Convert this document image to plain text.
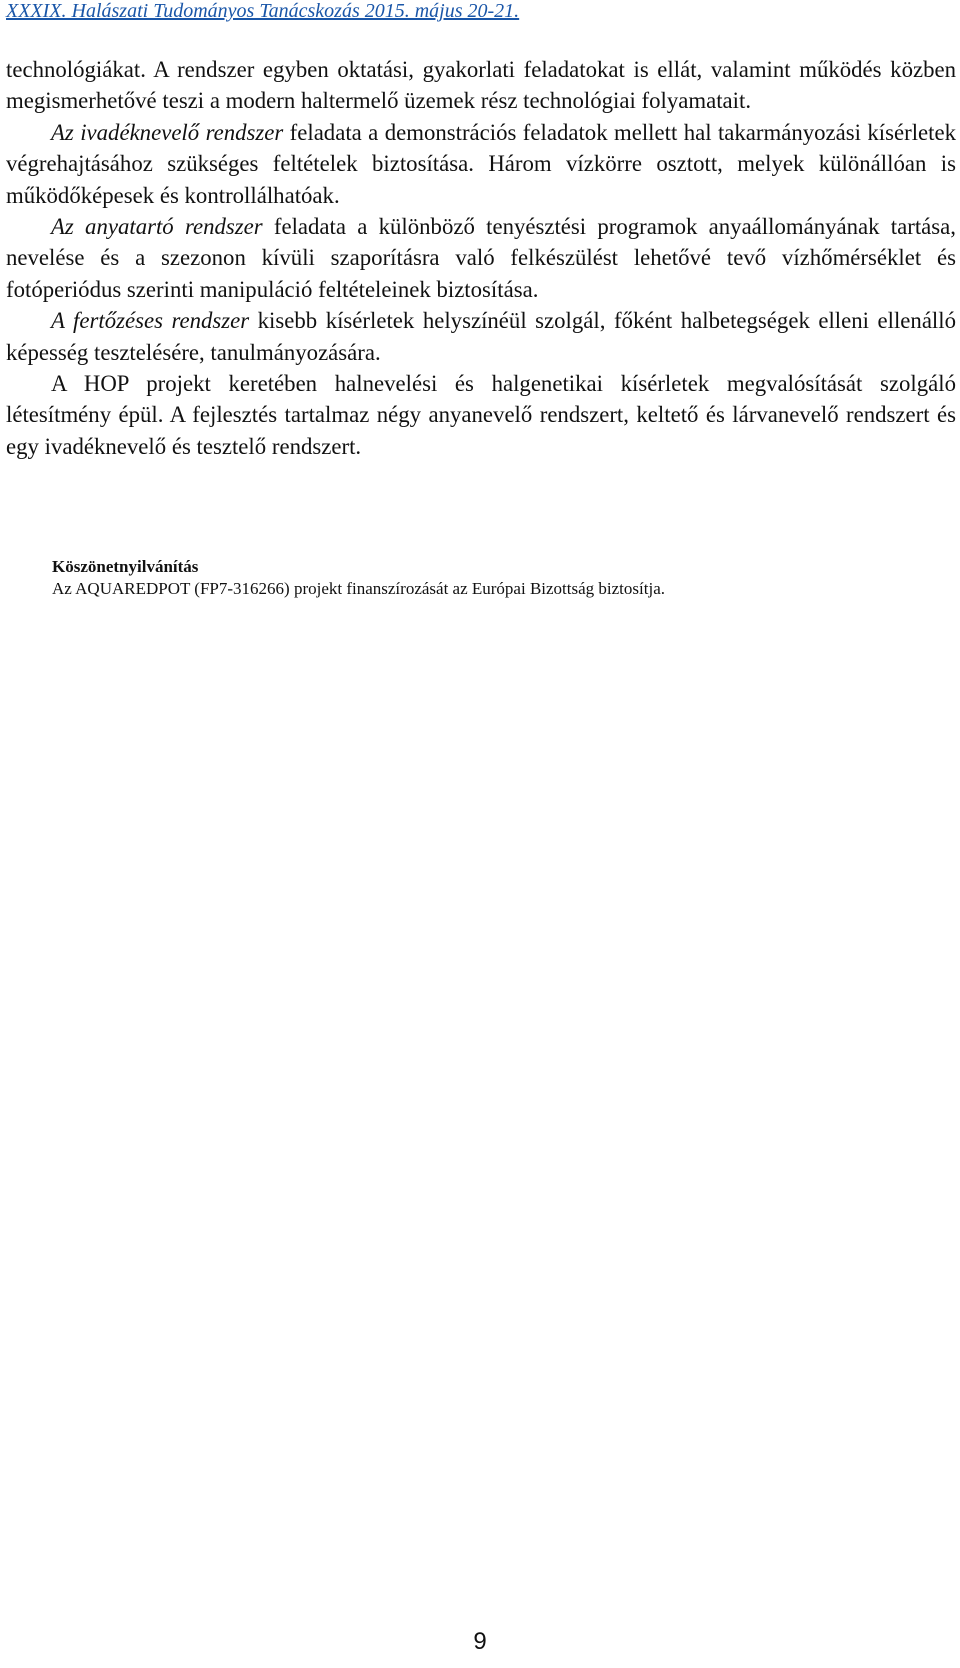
XXXIX. Halászati Tudományos Tanácskozás 2015. május 20-21.

technológiákat. A rendszer egyben oktatási, gyakorlati feladatokat is ellát, valamint működés közben megismerhetővé teszi a modern haltermelő üzemek rész technológiai folyamatait.

Az ivadéknevelő rendszer feladata a demonstrációs feladatok mellett hal takarmányozási kísérletek végrehajtásához szükséges feltételek biztosítása. Három vízkörre osztott, melyek különállóan is működőképesek és kontrollálhatóak.

Az anyatartó rendszer feladata a különböző tenyésztési programok anyaállományának tartása, nevelése és a szezonon kívüli szaporításra való felkészülést lehetővé tevő vízhőmérséklet és fotóperiódus szerinti manipuláció feltételeinek biztosítása.

A fertőzéses rendszer kisebb kísérletek helyszínéül szolgál, főként halbetegségek elleni ellenálló képesség tesztelésére, tanulmányozására.

A HOP projekt keretében halnevelési és halgenetikai kísérletek megvalósítását szolgáló létesítmény épül. A fejlesztés tartalmaz négy anyanevelő rendszert, keltető és lárvanevelő rendszert és egy ivadéknevelő és tesztelő rendszert.

Köszönetnyilvánítás
Az AQUAREDPOT (FP7-316266) projekt finanszírozását az Európai Bizottság biztosítja.
9
